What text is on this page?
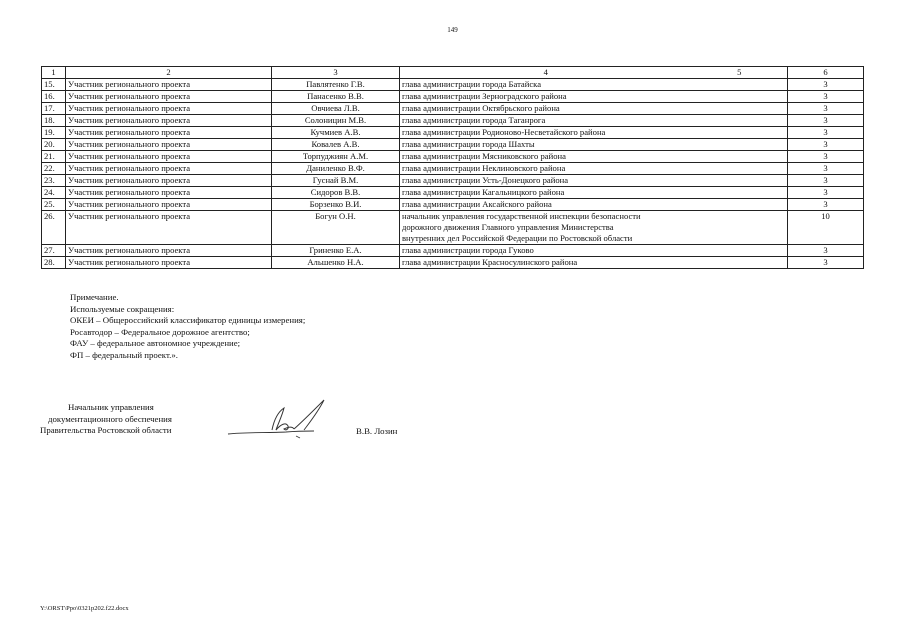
149
1	2	3	4	5	6
15.	Участник регионального проекта	Павлятенко Г.В.	глава администрации города Батайска		3
16.	Участник регионального проекта	Панасенко В.В.	глава администрации Зерноградского района		3
17.	Участник регионального проекта	Овчиева Л.В.	глава администрации Октябрьского района		3
18.	Участник регионального проекта	Солоницин М.В.	глава администрации города Таганрога		3
19.	Участник регионального проекта	Кучмиев А.В.	глава администрации Родионово-Несветайского района		3
20.	Участник регионального проекта	Ковалев А.В.	глава администрации города Шахты		3
21.	Участник регионального проекта	Торпуджиян А.М.	глава администрации Мясниковского района		3
22.	Участник регионального проекта	Даниленко В.Ф.	глава администрации Неклиновского района		3
23.	Участник регионального проекта	Гуснай В.М.	глава администрации Усть-Донецкого района		3
24.	Участник регионального проекта	Сидоров В.В.	глава администрации Кагальницкого района		3
25.	Участник регионального проекта	Борзенко В.И.	глава администрации Аксайского района		3
26.	Участник регионального проекта	Богун О.Н.	начальник управления государственной инспекции безопасности
дорожного движения Главного управления Министерства
внутренних дел Российской Федерации по Ростовской области		10
27.	Участник регионального проекта	Гриненко Е.А.	глава администрации города Гуково		3
28.	Участник регионального проекта	Альшенко Н.А.	глава администрации Красносулинского района		3
Примечание.
Используемые сокращения:
ОКЕИ – Общероссийский классификатор единицы измерения;
Росавтодор – Федеральное дорожное агентство;
ФАУ – федеральное автономное учреждение;
ФП – федеральный проект.».
Начальник управления
документационного обеспечения
Правительства Ростовской области	В.В. Лозин
Y:\ORST\Ppo\0321p202.f22.docx
